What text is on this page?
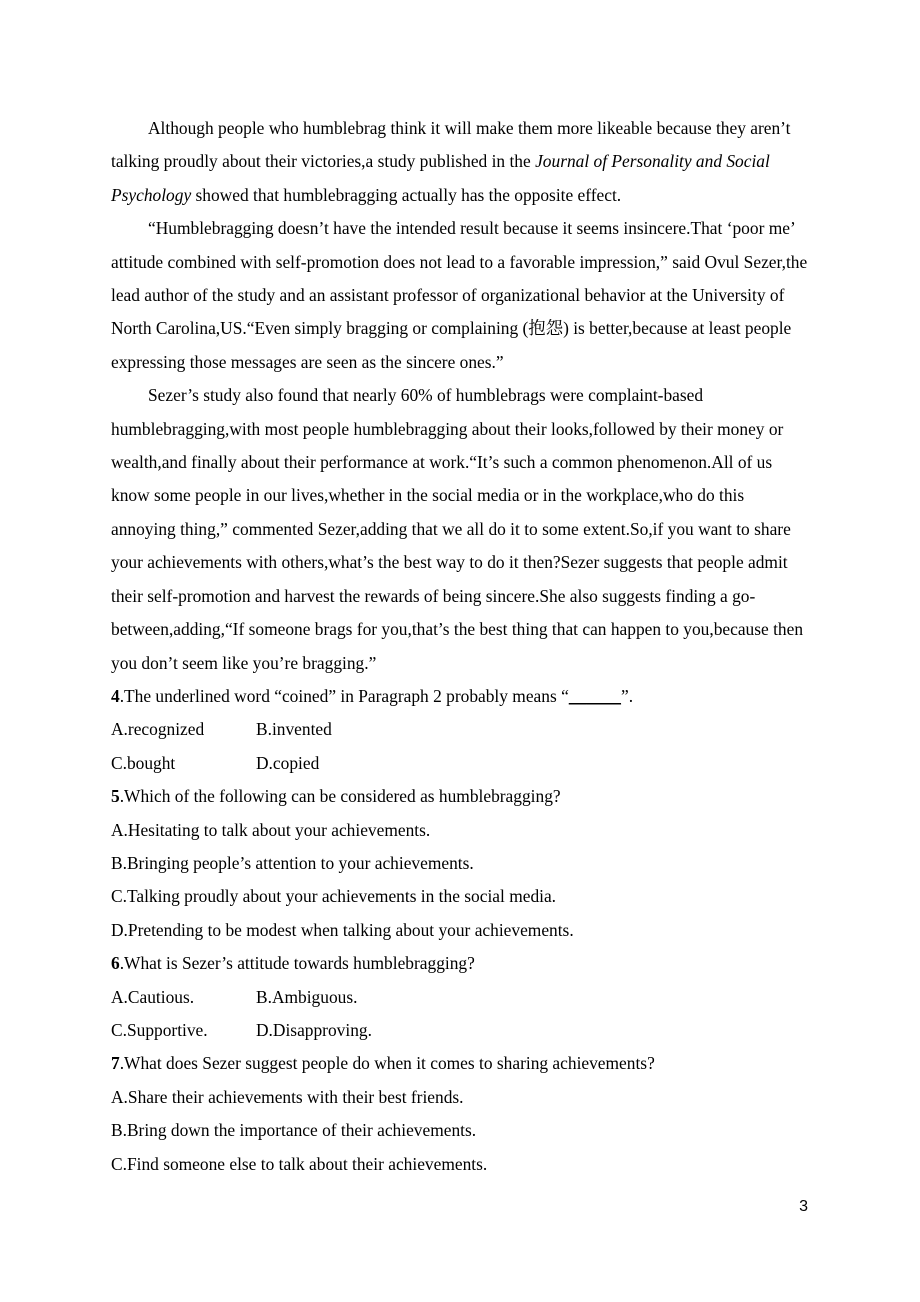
Although people who humblebrag think it will make them more likeable because they aren’t talking proudly about their victories,a study published in the Journal of Personality and Social Psychology showed that humblebragging actually has the opposite effect.

“Humblebragging doesn’t have the intended result because it seems insincere.That ‘poor me’ attitude combined with self-promotion does not lead to a favorable impression,” said Ovul Sezer,the lead author of the study and an assistant professor of organizational behavior at the University of North Carolina,US.“Even simply bragging or complaining (抱怨) is better,because at least people expressing those messages are seen as the sincere ones.”

Sezer’s study also found that nearly 60% of humblebrags were complaint-based humblebragging,with most people humblebragging about their looks,followed by their money or wealth,and finally about their performance at work.“It’s such a common phenomenon.All of us know some people in our lives,whether in the social media or in the workplace,who do this annoying thing,” commented Sezer,adding that we all do it to some extent.So,if you want to share your achievements with others,what’s the best way to do it then?Sezer suggests that people admit their self-promotion and harvest the rewards of being sincere.She also suggests finding a go-between,adding,“If someone brags for you,that’s the best thing that can happen to you,because then you don’t seem like you’re bragging.”

4.The underlined word “coined” in Paragraph 2 probably means “______”.

A.recognized	B.invented
C.bought	D.copied

5.Which of the following can be considered as humblebragging?

A.Hesitating to talk about your achievements.

B.Bringing people’s attention to your achievements.

C.Talking proudly about your achievements in the social media.

D.Pretending to be modest when talking about your achievements.

6.What is Sezer’s attitude towards humblebragging?

A.Cautious.	B.Ambiguous.
C.Supportive.	D.Disapproving.

7.What does Sezer suggest people do when it comes to sharing achievements?

A.Share their achievements with their best friends.

B.Bring down the importance of their achievements.

C.Find someone else to talk about their achievements.

3
